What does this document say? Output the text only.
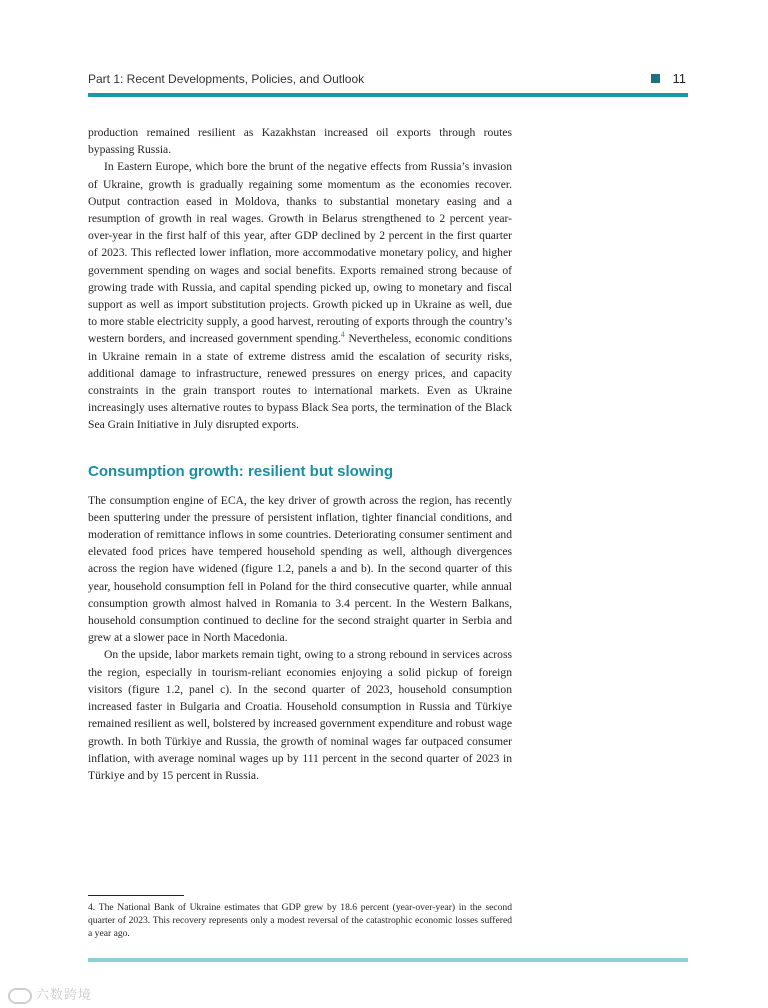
Part 1: Recent Developments, Policies, and Outlook	11

production remained resilient as Kazakhstan increased oil exports through routes bypassing Russia.

In Eastern Europe, which bore the brunt of the negative effects from Russia’s invasion of Ukraine, growth is gradually regaining some momentum as the economies recover. Output contraction eased in Moldova, thanks to substantial monetary easing and a resumption of growth in real wages. Growth in Belarus strengthened to 2 percent year-over-year in the first half of this year, after GDP declined by 2 percent in the first quarter of 2023. This reflected lower inflation, more accommodative monetary policy, and higher government spending on wages and social benefits. Exports remained strong because of growing trade with Russia, and capital spending picked up, owing to monetary and fiscal support as well as import substitution projects. Growth picked up in Ukraine as well, due to more stable electricity supply, a good harvest, rerouting of exports through the country’s western borders, and increased government spending.$^4$ Nevertheless, economic conditions in Ukraine remain in a state of extreme distress amid the escalation of security risks, additional damage to infrastructure, renewed pressures on energy prices, and capacity constraints in the grain transport routes to international markets. Even as Ukraine increasingly uses alternative routes to bypass Black Sea ports, the termination of the Black Sea Grain Initiative in July disrupted exports.

Consumption growth: resilient but slowing

The consumption engine of ECA, the key driver of growth across the region, has recently been sputtering under the pressure of persistent inflation, tighter financial conditions, and moderation of remittance inflows in some countries. Deteriorating consumer sentiment and elevated food prices have tempered household spending as well, although divergences across the region have widened (figure 1.2, panels a and b). In the second quarter of this year, household consumption fell in Poland for the third consecutive quarter, while annual consumption growth almost halved in Romania to 3.4 percent. In the Western Balkans, household consumption continued to decline for the second straight quarter in Serbia and grew at a slower pace in North Macedonia.

On the upside, labor markets remain tight, owing to a strong rebound in services across the region, especially in tourism-reliant economies enjoying a solid pickup of foreign visitors (figure 1.2, panel c). In the second quarter of 2023, household consumption increased faster in Bulgaria and Croatia. Household consumption in Russia and Türkiye remained resilient as well, bolstered by increased government expenditure and robust wage growth. In both Türkiye and Russia, the growth of nominal wages far outpaced consumer inflation, with average nominal wages up by 111 percent in the second quarter of 2023 in Türkiye and by 15 percent in Russia.

4. The National Bank of Ukraine estimates that GDP grew by 18.6 percent (year-over-year) in the second quarter of 2023. This recovery represents only a modest reversal of the catastrophic economic losses suffered a year ago.
六数跨境
